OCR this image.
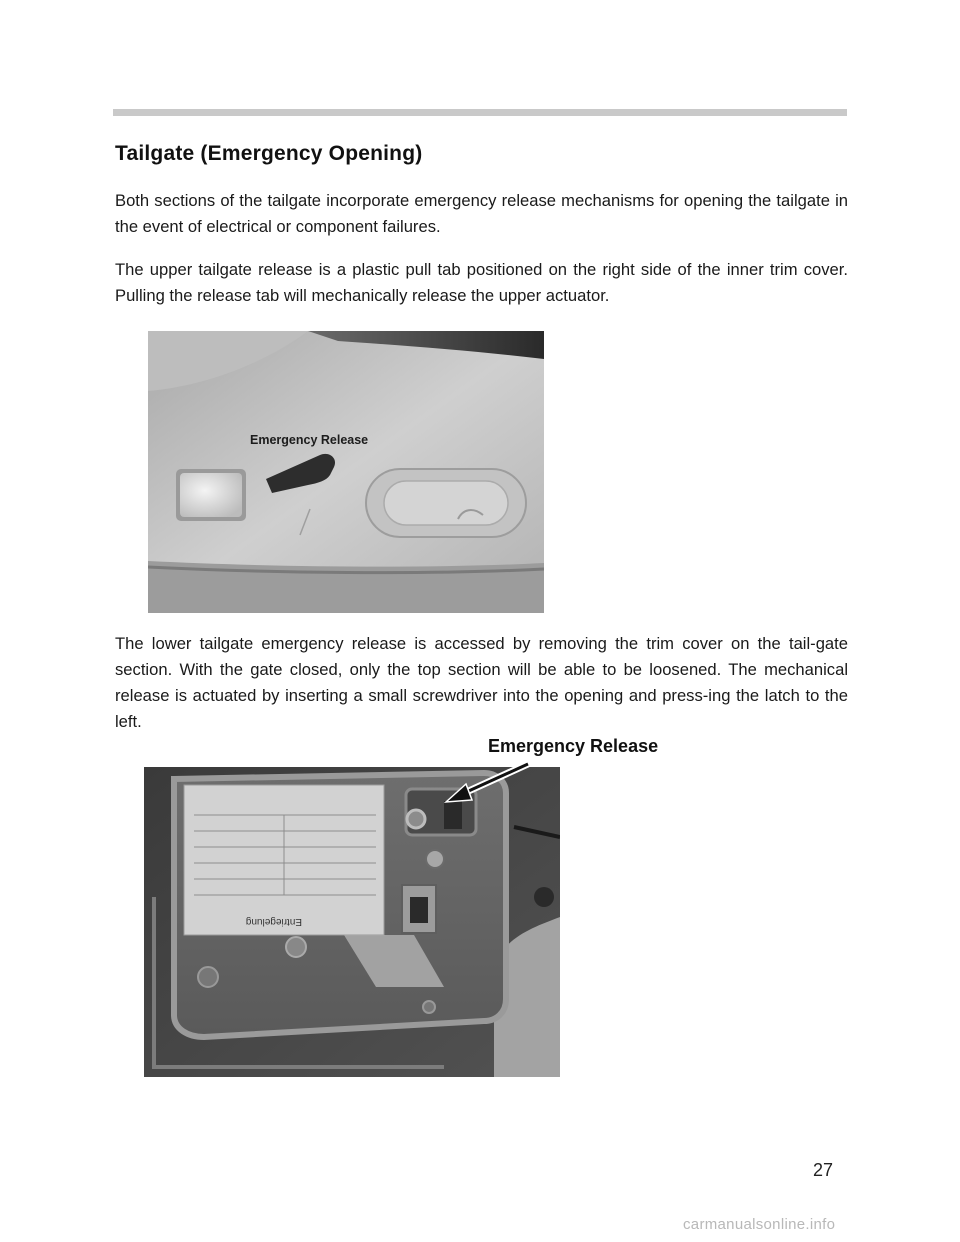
Tailgate (Emergency Opening)

Both sections of the tailgate incorporate emergency release mechanisms for opening the tailgate in the event of electrical or component failures.

The upper tailgate release is a plastic pull tab positioned on the right side of the inner trim cover. Pulling the release tab will mechanically release the upper actuator.

Emergency Release

The lower tailgate emergency release is accessed by removing the trim cover on the tail-gate section. With the gate closed, only the top section will be able to be loosened. The mechanical release is actuated by inserting a small screwdriver into the opening and press-ing the latch to the left.

Emergency Release
Entriegelung
27
carmanualsonline.info
